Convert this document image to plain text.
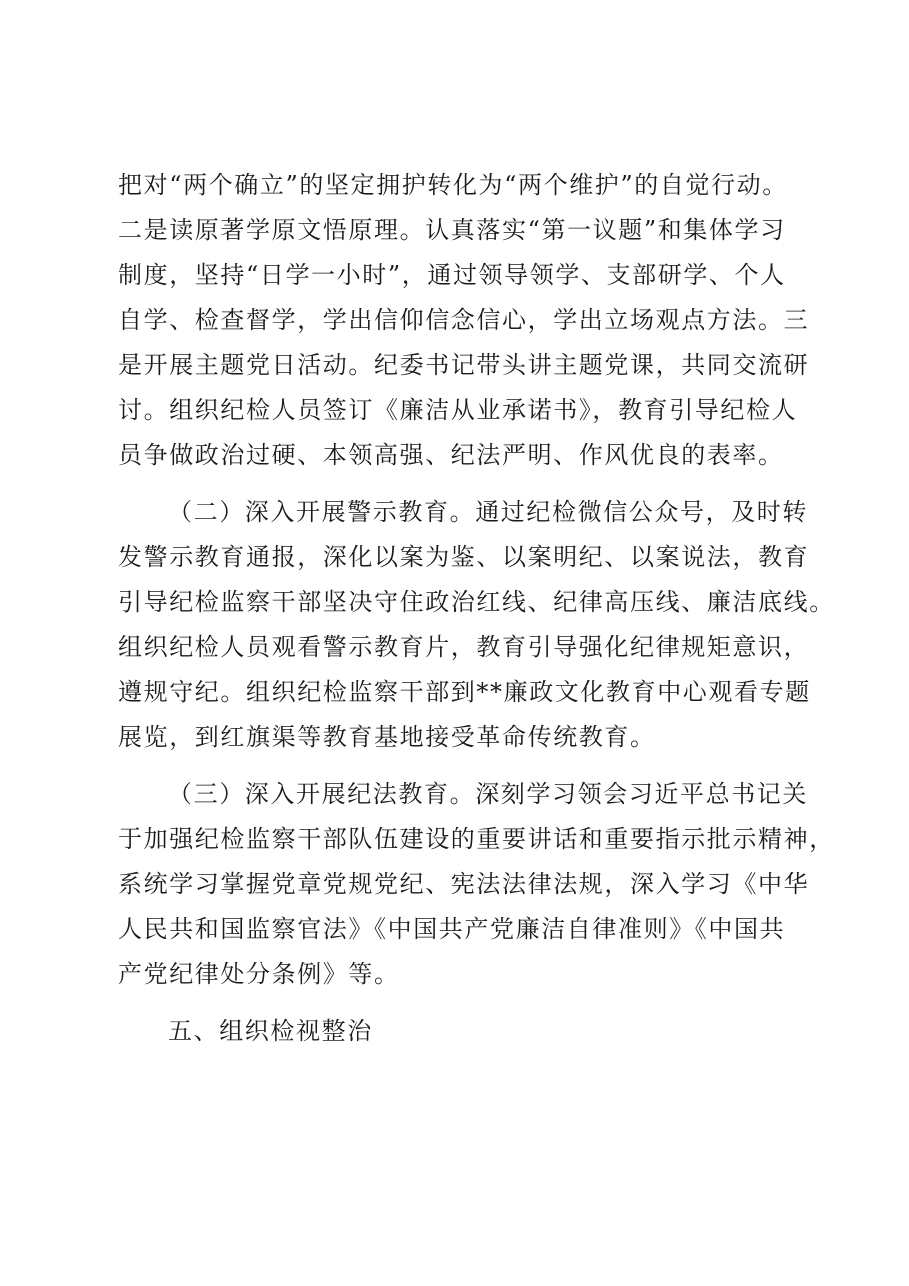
把对“两个确立”的坚定拥护转化为“两个维护”的自觉行动。
二是读原著学原文悟原理。认真落实“第一议题”和集体学习
制度，坚持“日学一小时”，通过领导领学、支部研学、个人
自学、检查督学，学出信仰信念信心，学出立场观点方法。三
是开展主题党日活动。纪委书记带头讲主题党课，共同交流研
讨。组织纪检人员签订《廉洁从业承诺书》，教育引导纪检人
员争做政治过硬、本领高强、纪法严明、作风优良的表率。
（二）深入开展警示教育。通过纪检微信公众号，及时转
发警示教育通报，深化以案为鉴、以案明纪、以案说法，教育
引导纪检监察干部坚决守住政治红线、纪律高压线、廉洁底线。
组织纪检人员观看警示教育片，教育引导强化纪律规矩意识，
遵规守纪。组织纪检监察干部到**廉政文化教育中心观看专题
展览，到红旗渠等教育基地接受革命传统教育。
（三）深入开展纪法教育。深刻学习领会习近平总书记关
于加强纪检监察干部队伍建设的重要讲话和重要指示批示精神，
系统学习掌握党章党规党纪、宪法法律法规，深入学习《中华
人民共和国监察官法》《中国共产党廉洁自律准则》《中国共
产党纪律处分条例》等。
五、组织检视整治
